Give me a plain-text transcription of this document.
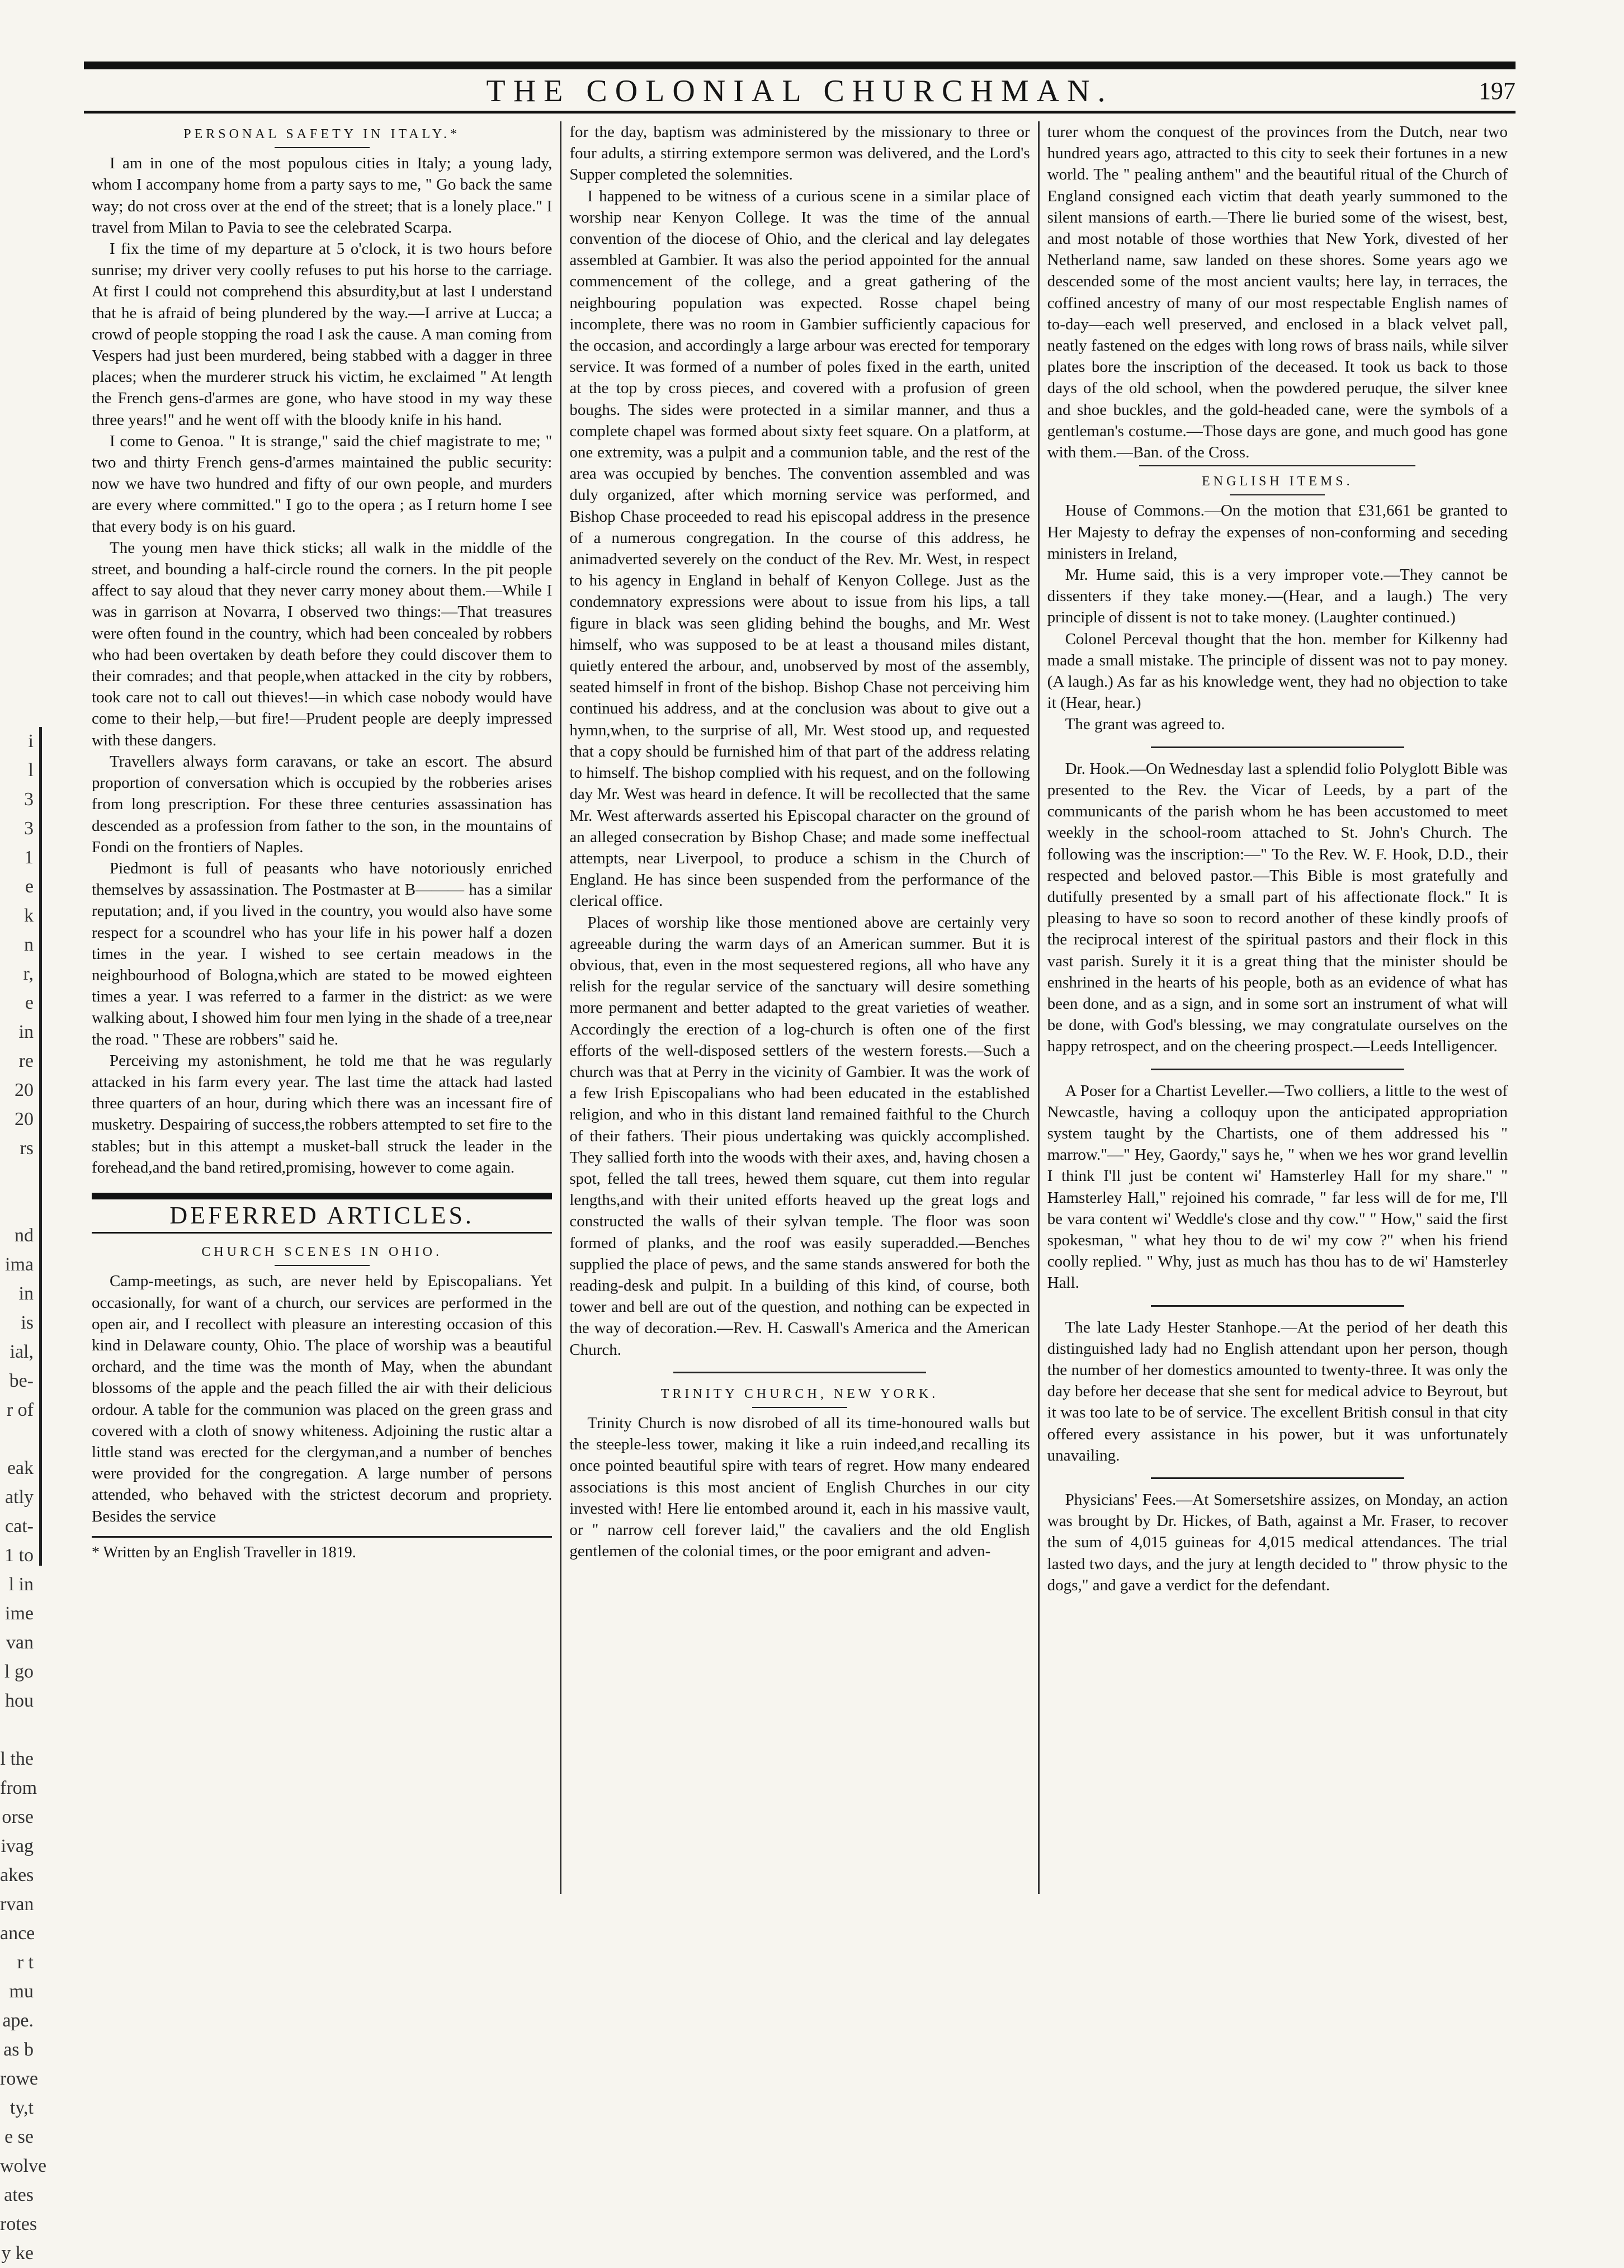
i
l
3
3
1
e
k
n
r,
e
in
re
20
20
rs
nd
ima
in
is
ial,
be-
r of
eak
atly
cat-
1 to
l in
ime
van
l go
hou
l the
from
orse
ivag
akes
rvan
ance
r t
mu
ape.
as b
rowe
ty,t
e se
wolve
ates
rotes
y ke
THE COLONIAL CHURCHMAN.	197
PERSONAL SAFETY IN ITALY.*

I am in one of the most populous cities in Italy; a young lady, whom I accompany home from a party says to me, " Go back the same way; do not cross over at the end of the street; that is a lonely place." I travel from Milan to Pavia to see the celebrated Scarpa.

I fix the time of my departure at 5 o'clock, it is two hours before sunrise; my driver very coolly refuses to put his horse to the carriage. At first I could not comprehend this absurdity,but at last I understand that he is afraid of being plundered by the way.—I arrive at Lucca; a crowd of people stopping the road I ask the cause. A man coming from Vespers had just been murdered, being stabbed with a dagger in three places; when the murderer struck his victim, he exclaimed " At length the French gens-d'armes are gone, who have stood in my way these three years!" and he went off with the bloody knife in his hand.

I come to Genoa. " It is strange," said the chief magistrate to me; " two and thirty French gens-d'armes maintained the public security: now we have two hundred and fifty of our own people, and murders are every where committed." I go to the opera ; as I return home I see that every body is on his guard.

The young men have thick sticks; all walk in the middle of the street, and bounding a half-circle round the corners. In the pit people affect to say aloud that they never carry money about them.—While I was in garrison at Novarra, I observed two things:—That treasures were often found in the country, which had been concealed by robbers who had been overtaken by death before they could discover them to their comrades; and that people,when attacked in the city by robbers, took care not to call out thieves!—in which case nobody would have come to their help,—but fire!—Prudent people are deeply impressed with these dangers.

Travellers always form caravans, or take an escort. The absurd proportion of conversation which is occupied by the robberies arises from long prescription. For these three centuries assassination has descended as a profession from father to the son, in the mountains of Fondi on the frontiers of Naples.

Piedmont is full of peasants who have notoriously enriched themselves by assassination. The Postmaster at B——— has a similar reputation; and, if you lived in the country, you would also have some respect for a scoundrel who has your life in his power half a dozen times in the year. I wished to see certain meadows in the neighbourhood of Bologna,which are stated to be mowed eighteen times a year. I was referred to a farmer in the district: as we were walking about, I showed him four men lying in the shade of a tree,near the road. " These are robbers" said he.

Perceiving my astonishment, he told me that he was regularly attacked in his farm every year. The last time the attack had lasted three quarters of an hour, during which there was an incessant fire of musketry. Despairing of success,the robbers attempted to set fire to the stables; but in this attempt a musket-ball struck the leader in the forehead,and the band retired,promising, however to come again.

DEFERRED ARTICLES.
CHURCH SCENES IN OHIO.

Camp-meetings, as such, are never held by Episcopalians. Yet occasionally, for want of a church, our services are performed in the open air, and I recollect with pleasure an interesting occasion of this kind in Delaware county, Ohio. The place of worship was a beautiful orchard, and the time was the month of May, when the abundant blossoms of the apple and the peach filled the air with their delicious ordour. A table for the communion was placed on the green grass and covered with a cloth of snowy whiteness. Adjoining the rustic altar a little stand was erected for the clergyman,and a number of benches were provided for the congregation. A large number of persons attended, who behaved with the strictest decorum and propriety. Besides the service

* Written by an English Traveller in 1819.

for the day, baptism was administered by the missionary to three or four adults, a stirring extempore sermon was delivered, and the Lord's Supper completed the solemnities.

I happened to be witness of a curious scene in a similar place of worship near Kenyon College. It was the time of the annual convention of the diocese of Ohio, and the clerical and lay delegates assembled at Gambier. It was also the period appointed for the annual commencement of the college, and a great gathering of the neighbouring population was expected. Rosse chapel being incomplete, there was no room in Gambier sufficiently capacious for the occasion, and accordingly a large arbour was erected for temporary service. It was formed of a number of poles fixed in the earth, united at the top by cross pieces, and covered with a profusion of green boughs. The sides were protected in a similar manner, and thus a complete chapel was formed about sixty feet square. On a platform, at one extremity, was a pulpit and a communion table, and the rest of the area was occupied by benches. The convention assembled and was duly organized, after which morning service was performed, and Bishop Chase proceeded to read his episcopal address in the presence of a numerous congregation. In the course of this address, he animadverted severely on the conduct of the Rev. Mr. West, in respect to his agency in England in behalf of Kenyon College. Just as the condemnatory expressions were about to issue from his lips, a tall figure in black was seen gliding behind the boughs, and Mr. West himself, who was supposed to be at least a thousand miles distant, quietly entered the arbour, and, unobserved by most of the assembly, seated himself in front of the bishop. Bishop Chase not perceiving him continued his address, and at the conclusion was about to give out a hymn,when, to the surprise of all, Mr. West stood up, and requested that a copy should be furnished him of that part of the address relating to himself. The bishop complied with his request, and on the following day Mr. West was heard in defence. It will be recollected that the same Mr. West afterwards asserted his Episcopal character on the ground of an alleged consecration by Bishop Chase; and made some ineffectual attempts, near Liverpool, to produce a schism in the Church of England. He has since been suspended from the performance of the clerical office.

Places of worship like those mentioned above are certainly very agreeable during the warm days of an American summer. But it is obvious, that, even in the most sequestered regions, all who have any relish for the regular service of the sanctuary will desire something more permanent and better adapted to the great varieties of weather. Accordingly the erection of a log-church is often one of the first efforts of the well-disposed settlers of the western forests.—Such a church was that at Perry in the vicinity of Gambier. It was the work of a few Irish Episcopalians who had been educated in the established religion, and who in this distant land remained faithful to the Church of their fathers. Their pious undertaking was quickly accomplished. They sallied forth into the woods with their axes, and, having chosen a spot, felled the tall trees, hewed them square, cut them into regular lengths,and with their united efforts heaved up the great logs and constructed the walls of their sylvan temple. The floor was soon formed of planks, and the roof was easily superadded.—Benches supplied the place of pews, and the same stands answered for both the reading-desk and pulpit. In a building of this kind, of course, both tower and bell are out of the question, and nothing can be expected in the way of decoration.—Rev. H. Caswall's America and the American Church.

TRINITY CHURCH, NEW YORK.

Trinity Church is now disrobed of all its time-honoured walls but the steeple-less tower, making it like a ruin indeed,and recalling its once pointed beautiful spire with tears of regret. How many endeared associations is this most ancient of English Churches in our city invested with! Here lie entombed around it, each in his massive vault, or " narrow cell forever laid," the cavaliers and the old English gentlemen of the colonial times, or the poor emigrant and adven-

turer whom the conquest of the provinces from the Dutch, near two hundred years ago, attracted to this city to seek their fortunes in a new world. The " pealing anthem" and the beautiful ritual of the Church of England consigned each victim that death yearly summoned to the silent mansions of earth.—There lie buried some of the wisest, best, and most notable of those worthies that New York, divested of her Netherland name, saw landed on these shores. Some years ago we descended some of the most ancient vaults; here lay, in terraces, the coffined ancestry of many of our most respectable English names of to-day—each well preserved, and enclosed in a black velvet pall, neatly fastened on the edges with long rows of brass nails, while silver plates bore the inscription of the deceased. It took us back to those days of the old school, when the powdered peruque, the silver knee and shoe buckles, and the gold-headed cane, were the symbols of a gentleman's costume.—Those days are gone, and much good has gone with them.—Ban. of the Cross.

ENGLISH ITEMS.

House of Commons.—On the motion that £31,661 be granted to Her Majesty to defray the expenses of non-conforming and seceding ministers in Ireland,

Mr. Hume said, this is a very improper vote.—They cannot be dissenters if they take money.—(Hear, and a laugh.) The very principle of dissent is not to take money. (Laughter continued.)

Colonel Perceval thought that the hon. member for Kilkenny had made a small mistake. The principle of dissent was not to pay money. (A laugh.) As far as his knowledge went, they had no objection to take it (Hear, hear.)

The grant was agreed to.

Dr. Hook.—On Wednesday last a splendid folio Polyglott Bible was presented to the Rev. the Vicar of Leeds, by a part of the communicants of the parish whom he has been accustomed to meet weekly in the school-room attached to St. John's Church. The following was the inscription:—" To the Rev. W. F. Hook, D.D., their respected and beloved pastor.—This Bible is most gratefully and dutifully presented by a small part of his affectionate flock." It is pleasing to have so soon to record another of these kindly proofs of the reciprocal interest of the spiritual pastors and their flock in this vast parish. Surely it it is a great thing that the minister should be enshrined in the hearts of his people, both as an evidence of what has been done, and as a sign, and in some sort an instrument of what will be done, with God's blessing, we may congratulate ourselves on the happy retrospect, and on the cheering prospect.—Leeds Intelligencer.

A Poser for a Chartist Leveller.—Two colliers, a little to the west of Newcastle, having a colloquy upon the anticipated appropriation system taught by the Chartists, one of them addressed his " marrow."—" Hey, Gaordy," says he, " when we hes wor grand levellin I think I'll just be content wi' Hamsterley Hall for my share." " Hamsterley Hall," rejoined his comrade, " far less will de for me, I'll be vara content wi' Weddle's close and thy cow." " How," said the first spokesman, " what hey thou to de wi' my cow ?" when his friend coolly replied. " Why, just as much has thou has to de wi' Hamsterley Hall.

The late Lady Hester Stanhope.—At the period of her death this distinguished lady had no English attendant upon her person, though the number of her domestics amounted to twenty-three. It was only the day before her decease that she sent for medical advice to Beyrout, but it was too late to be of service. The excellent British consul in that city offered every assistance in his power, but it was unfortunately unavailing.

Physicians' Fees.—At Somersetshire assizes, on Monday, an action was brought by Dr. Hickes, of Bath, against a Mr. Fraser, to recover the sum of 4,015 guineas for 4,015 medical attendances. The trial lasted two days, and the jury at length decided to " throw physic to the dogs," and gave a verdict for the defendant.
